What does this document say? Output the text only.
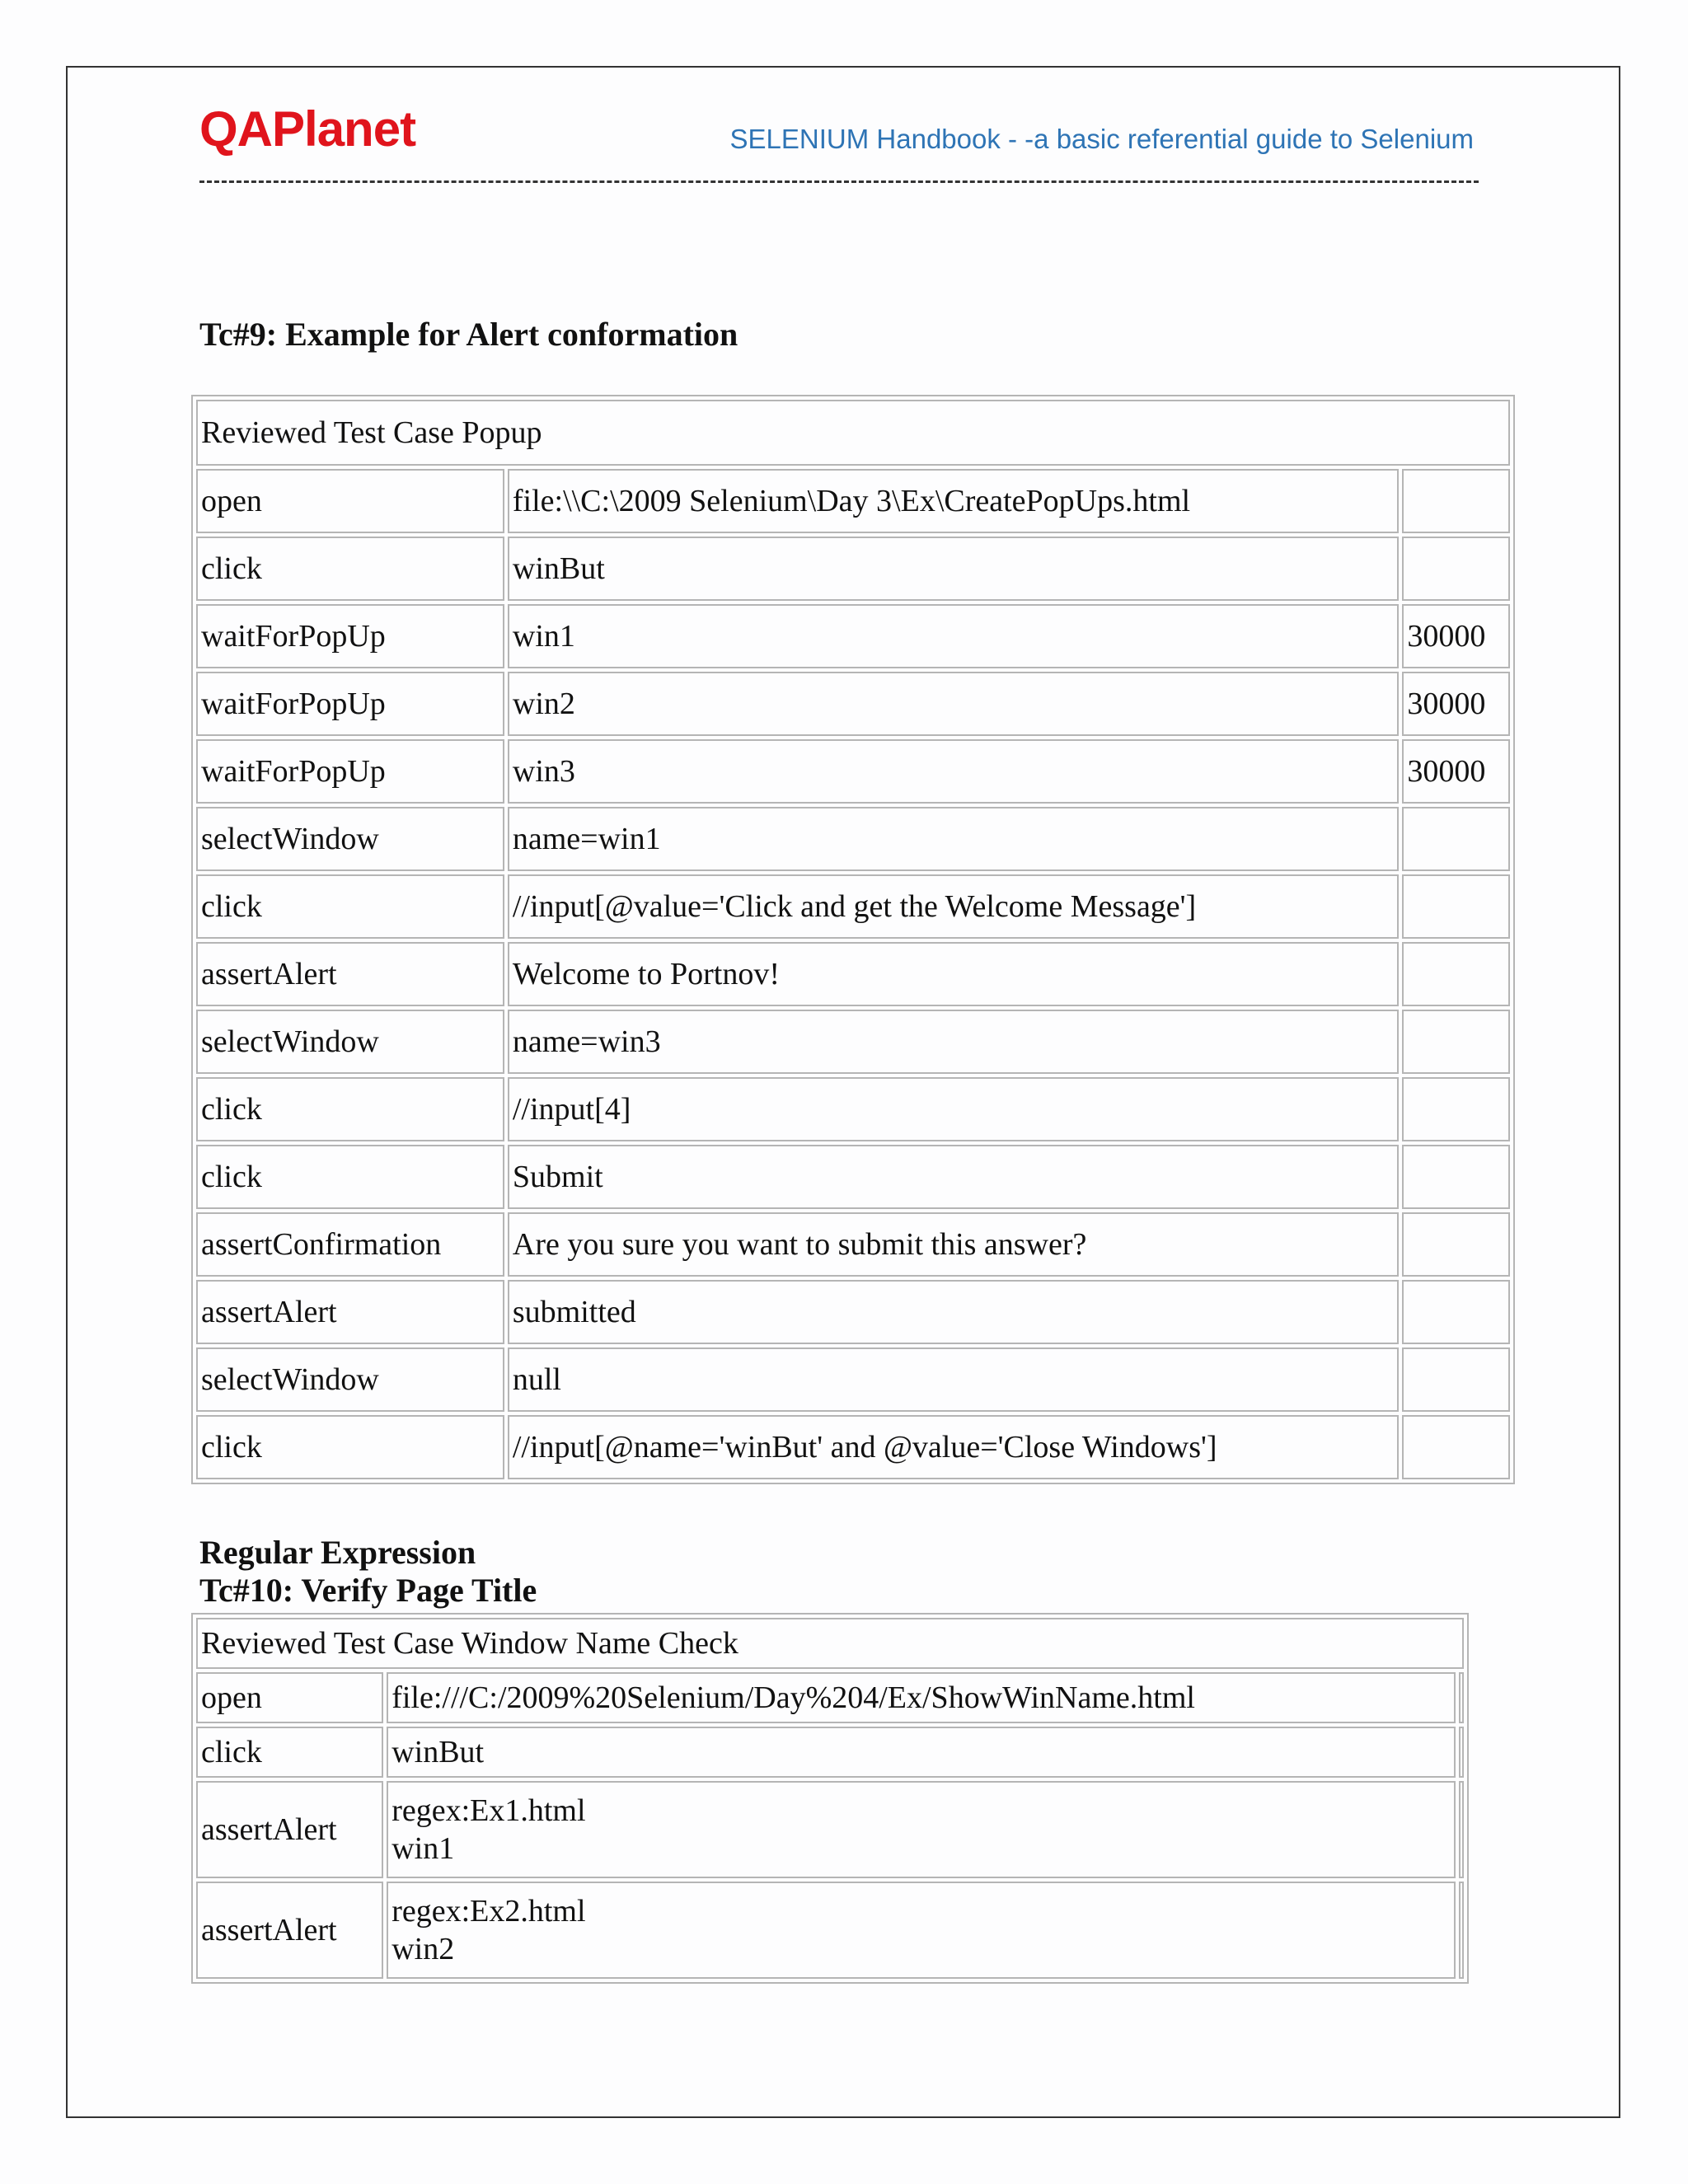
QAPlanet	SELENIUM Handbook - -a basic referential guide to Selenium
Tc#9: Example for Alert conformation
Reviewed Test Case Popup		
open	file:\\C:\2009 Selenium\Day 3\Ex\CreatePopUps.html	
click	winBut	
waitForPopUp	win1	30000
waitForPopUp	win2	30000
waitForPopUp	win3	30000
selectWindow	name=win1	
click	//input[@value='Click and get the Welcome Message']	
assertAlert	Welcome to Portnov!	
selectWindow	name=win3	
click	//input[4]	
click	Submit	
assertConfirmation	Are you sure you want to submit this answer?	
assertAlert	submitted	
selectWindow	null	
click	//input[@name='winBut' and @value='Close Windows']	
Regular Expression
Tc#10: Verify Page Title
Reviewed Test Case Window Name Check		
open	file:///C:/2009%20Selenium/Day%204/Ex/ShowWinName.html	
click	winBut	
assertAlert	regex:Ex1.html
win1	

assertAlert	regex:Ex2.html
win2	
